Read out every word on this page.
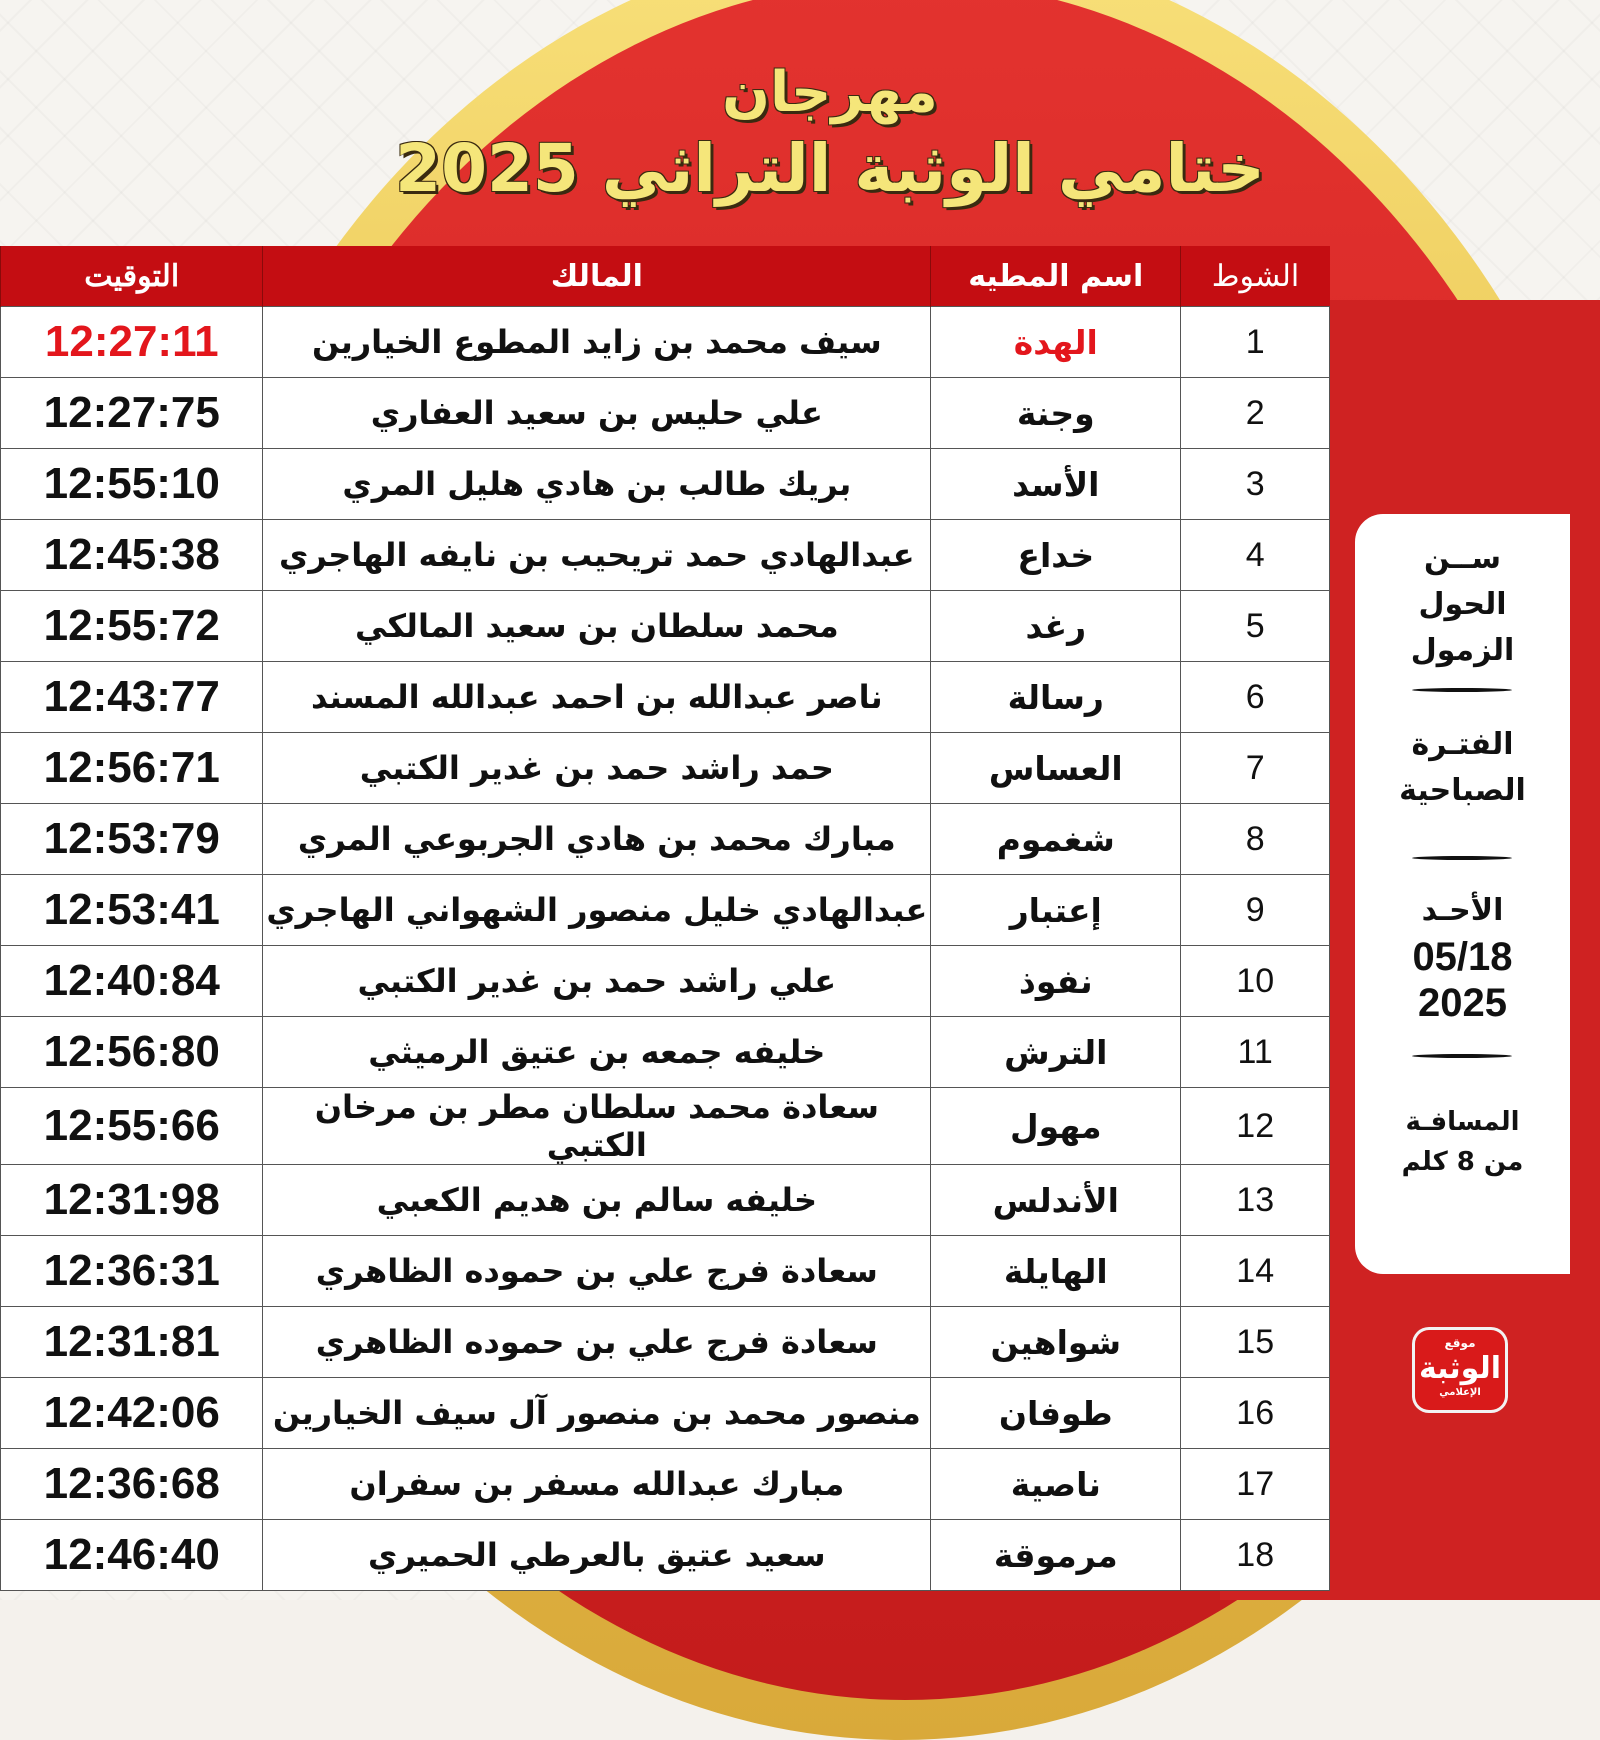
مهرجان
ختامي الوثبة التراثي 2025
الشوط	اسم المطيه	المالك	التوقيت
1	الهدة	سيف محمد بن زايد المطوع الخيارين	12:27:11
2	وجنة	علي حليس بن سعيد العفاري	12:27:75
3	الأسد	بريك طالب بن هادي هليل المري	12:55:10
4	خداع	عبدالهادي حمد تريحيب بن نايفه الهاجري	12:45:38
5	رغد	محمد سلطان بن سعيد المالكي	12:55:72
6	رسالة	ناصر عبدالله بن احمد عبدالله المسند	12:43:77
7	العساس	حمد راشد حمد بن غدير الكتبي	12:56:71
8	شغموم	مبارك محمد بن هادي الجربوعي المري	12:53:79
9	إعتبار	عبدالهادي خليل منصور الشهواني الهاجري	12:53:41
10	نفوذ	علي راشد حمد بن غدير الكتبي	12:40:84
11	الترش	خليفه جمعه بن عتيق الرميثي	12:56:80
12	مهول	سعادة محمد سلطان مطر بن مرخان الكتبي	12:55:66
13	الأندلس	خليفه سالم بن هديم الكعبي	12:31:98
14	الهايلة	سعادة فرج علي بن حموده الظاهري	12:36:31
15	شواهين	سعادة فرج علي بن حموده الظاهري	12:31:81
16	طوفان	منصور محمد بن منصور آل سيف الخيارين	12:42:06
17	ناصية	مبارك عبدالله مسفر بن سفران	12:36:68
18	مرموقة	سعيد عتيق بالعرطي الحميري	12:46:40
ســن
الحول
الزمول
الفتـرة
الصباحية
الأحـد
05/18
2025
المسافـة
من 8 كلم
موقع
الوثبة
الإعلامي
